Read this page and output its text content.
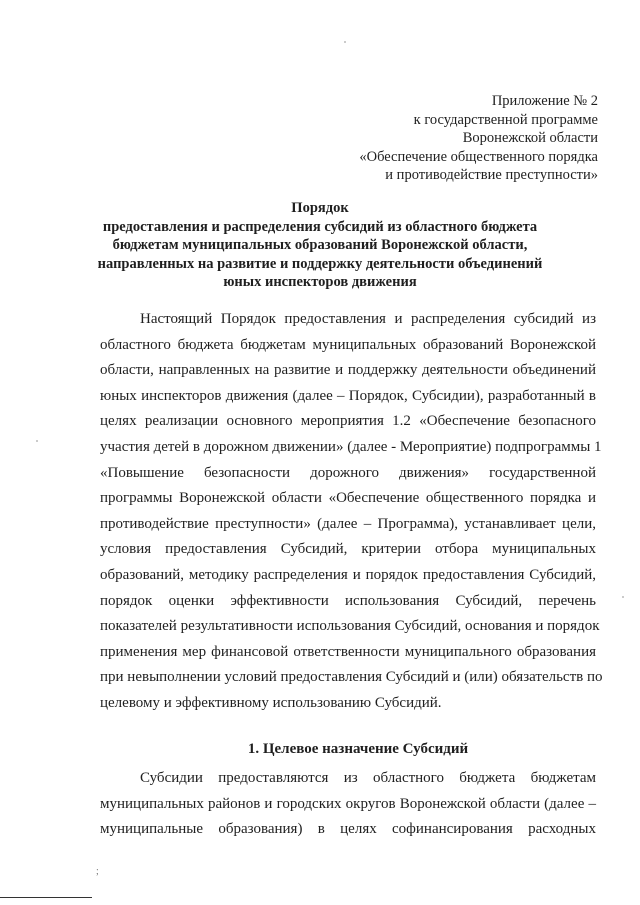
Приложение № 2
к государственной программе
Воронежской области
«Обеспечение общественного порядка
и противодействие преступности»
Порядок
предоставления и распределения субсидий из областного бюджета
бюджетам муниципальных образований Воронежской области,
направленных на развитие и поддержку деятельности объединений
юных инспекторов движения
Настоящий Порядок предоставления и распределения субсидий из
областного бюджета бюджетам муниципальных образований Воронежской
области, направленных на развитие и поддержку деятельности объединений
юных инспекторов движения (далее – Порядок, Субсидии), разработанный в
целях реализации основного мероприятия 1.2 «Обеспечение безопасного
участия детей в дорожном движении» (далее - Мероприятие) подпрограммы 1
«Повышение безопасности дорожного движения» государственной
программы Воронежской области «Обеспечение общественного порядка и
противодействие преступности» (далее – Программа), устанавливает цели,
условия предоставления Субсидий, критерии отбора муниципальных
образований, методику распределения и порядок предоставления Субсидий,
порядок оценки эффективности использования Субсидий, перечень
показателей результативности использования Субсидий, основания и порядок
применения мер финансовой ответственности муниципального образования
при невыполнении условий предоставления Субсидий и (или) обязательств по
целевому и эффективному использованию Субсидий.
1. Целевое назначение Субсидий
Субсидии предоставляются из областного бюджета бюджетам
муниципальных районов и городских округов Воронежской области (далее –
муниципальные образования) в целях софинансирования расходных
;
